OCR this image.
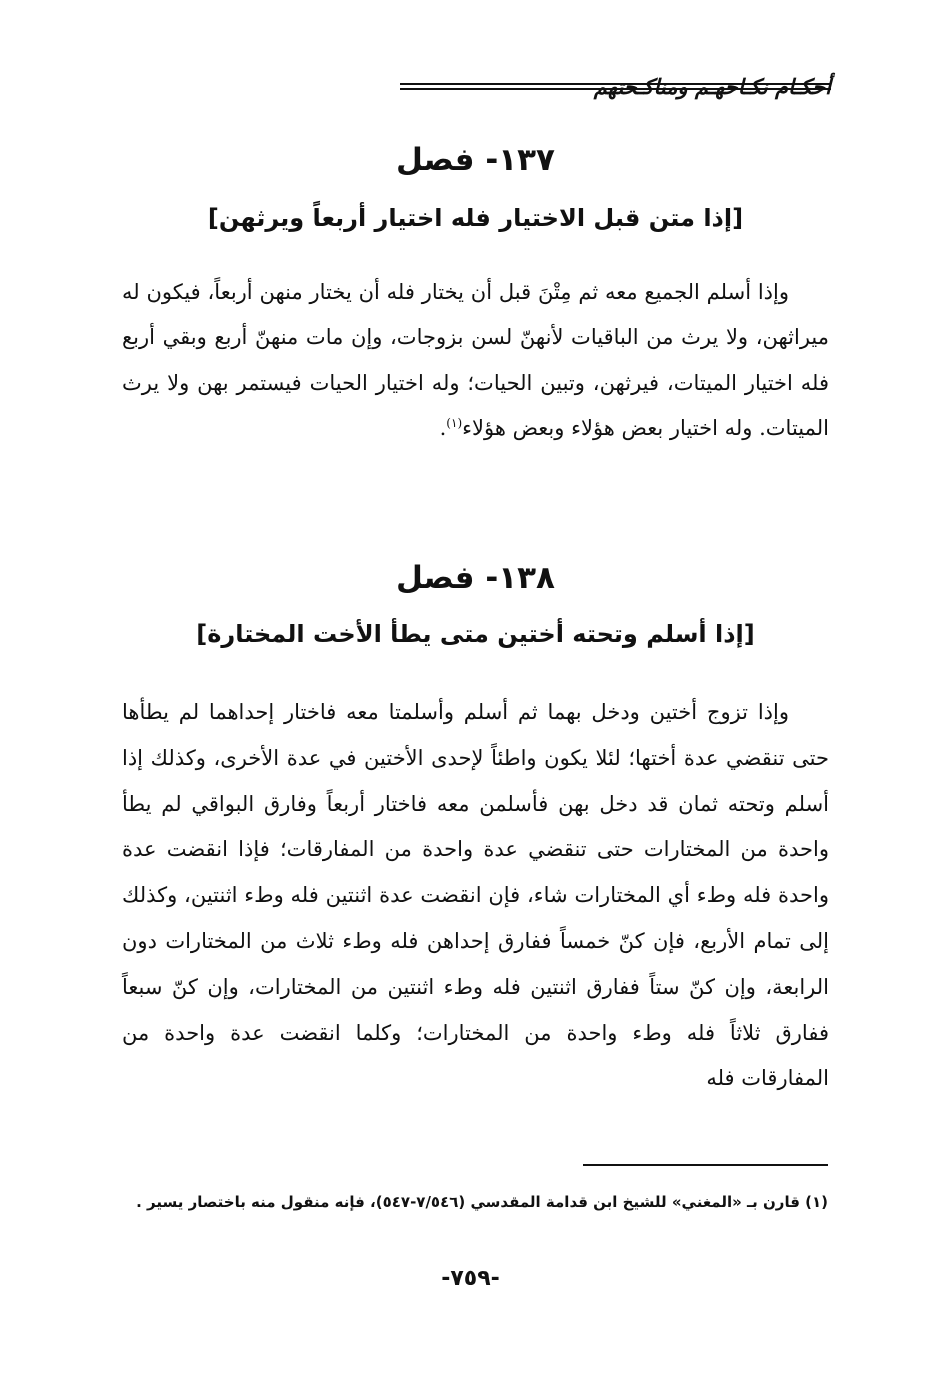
أحكـام نكـاحهـم ومناكـحتهم
١٣٧- فصل
[إذا متن قبل الاختيار فله اختيار أربعاً ويرثهن]

وإذا أسلم الجميع معه ثم مِتْنَ قبل أن يختار فله أن يختار منهن أربعاً، فيكون له ميراثهن، ولا يرث من الباقيات لأنهنّ لسن بزوجات، وإن مات منهنّ أربع وبقي أربع فله اختيار الميتات، فيرثهن، وتبين الحيات؛ وله اختيار الحيات فيستمر بهن ولا يرث الميتات. وله اختيار بعض هؤلاء وبعض هؤلاء$^{(١)}$.

١٣٨- فصل
[إذا أسلم وتحته أختين متى يطأ الأخت المختارة]

وإذا تزوج أختين ودخل بهما ثم أسلم وأسلمتا معه فاختار إحداهما لم يطأها حتى تنقضي عدة أختها؛ لئلا يكون واطئاً لإحدى الأختين في عدة الأخرى، وكذلك إذا أسلم وتحته ثمان قد دخل بهن فأسلمن معه فاختار أربعاً وفارق البواقي لم يطأ واحدة من المختارات حتى تنقضي عدة واحدة من المفارقات؛ فإذا انقضت عدة واحدة فله وطء أي المختارات شاء، فإن انقضت عدة اثنتين فله وطء اثنتين، وكذلك إلى تمام الأربع، فإن كنّ خمساً ففارق إحداهن فله وطء ثلاث من المختارات دون الرابعة، وإن كنّ ستاً ففارق اثنتين فله وطء اثنتين من المختارات، وإن كنّ سبعاً ففارق ثلاثاً فله وطء واحدة من المختارات؛ وكلما انقضت عدة واحدة من المفارقات فله

(١) قارن بـ «المغني» للشيخ ابن قدامة المقدسي (٧/٥٤٦-٥٤٧)، فإنه منقول منه باختصار يسير .

-٧٥٩-
